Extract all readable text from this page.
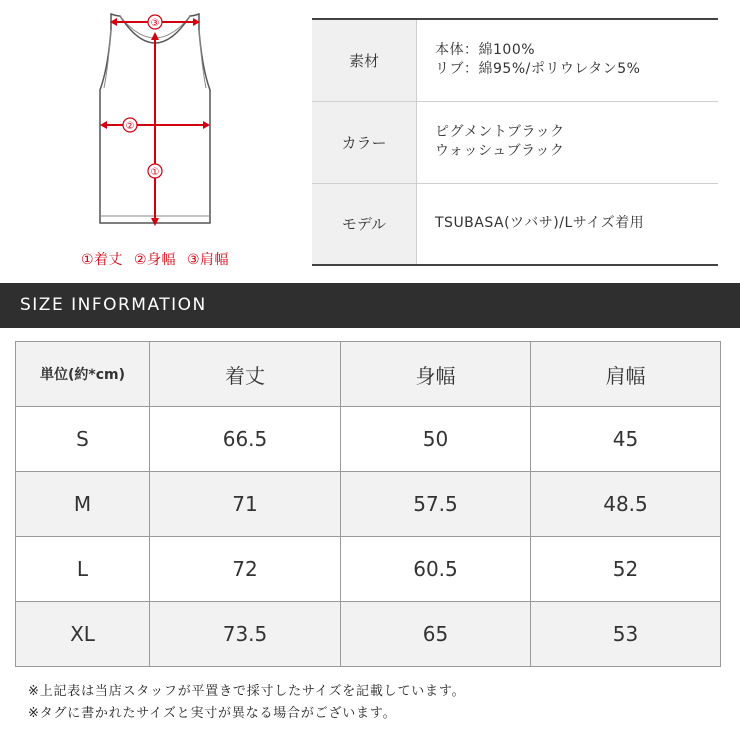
③
①
②
①着丈 ②身幅 ③肩幅
素材	本体：綿100%
リブ：綿95%/ポリウレタン5%

カラー	ピグメントブラック
ウォッシュブラック

モデル	TSUBASA(ツバサ)/Lサイズ着用
SIZE INFORMATION
単位(約*cm)	着丈	身幅	肩幅
S	66.5	50	45
M	71	57.5	48.5
L	72	60.5	52
XL	73.5	65	53
※上記表は当店スタッフが平置きで採寸したサイズを記載しています。
※タグに書かれたサイズと実寸が異なる場合がございます。
